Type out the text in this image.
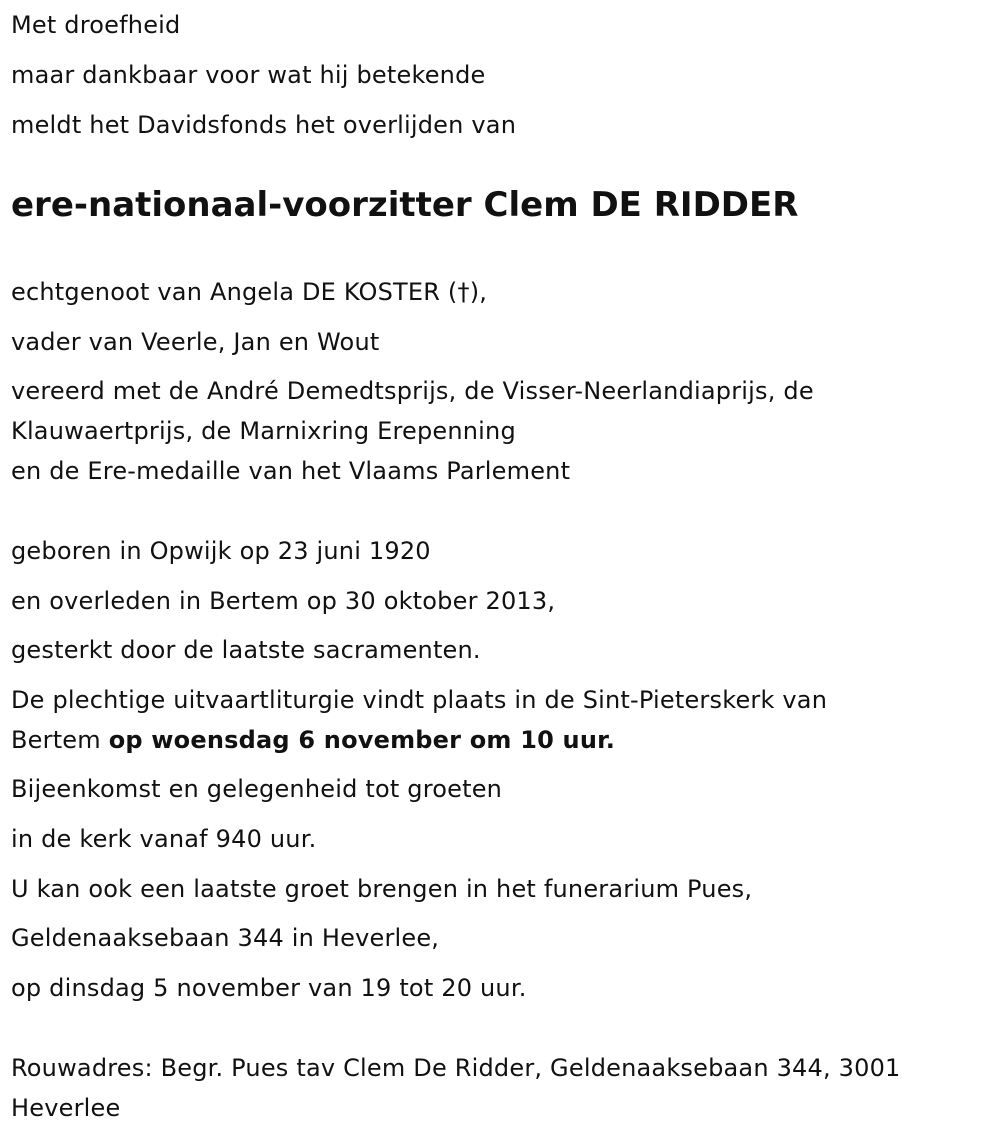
Met droefheid
maar dankbaar voor wat hij betekende
meldt het Davidsfonds het overlijden van
ere-nationaal-voorzitter Clem DE RIDDER
echtgenoot van Angela DE KOSTER (†),
vader van Veerle, Jan en Wout
vereerd met de André Demedtsprijs, de Visser-Neerlandiaprijs, de
Klauwaertprijs, de Marnixring Erepenning
en de Ere-medaille van het Vlaams Parlement
geboren in Opwijk op 23 juni 1920
en overleden in Bertem op 30 oktober 2013,
gesterkt door de laatste sacramenten.
De plechtige uitvaartliturgie vindt plaats in de Sint-Pieterskerk van
Bertem op woensdag 6 november om 10 uur.
Bijeenkomst en gelegenheid tot groeten
in de kerk vanaf 940 uur.
U kan ook een laatste groet brengen in het funerarium Pues,
Geldenaaksebaan 344 in Heverlee,
op dinsdag 5 november van 19 tot 20 uur.
Rouwadres: Begr. Pues tav Clem De Ridder, Geldenaaksebaan 344, 3001
Heverlee
